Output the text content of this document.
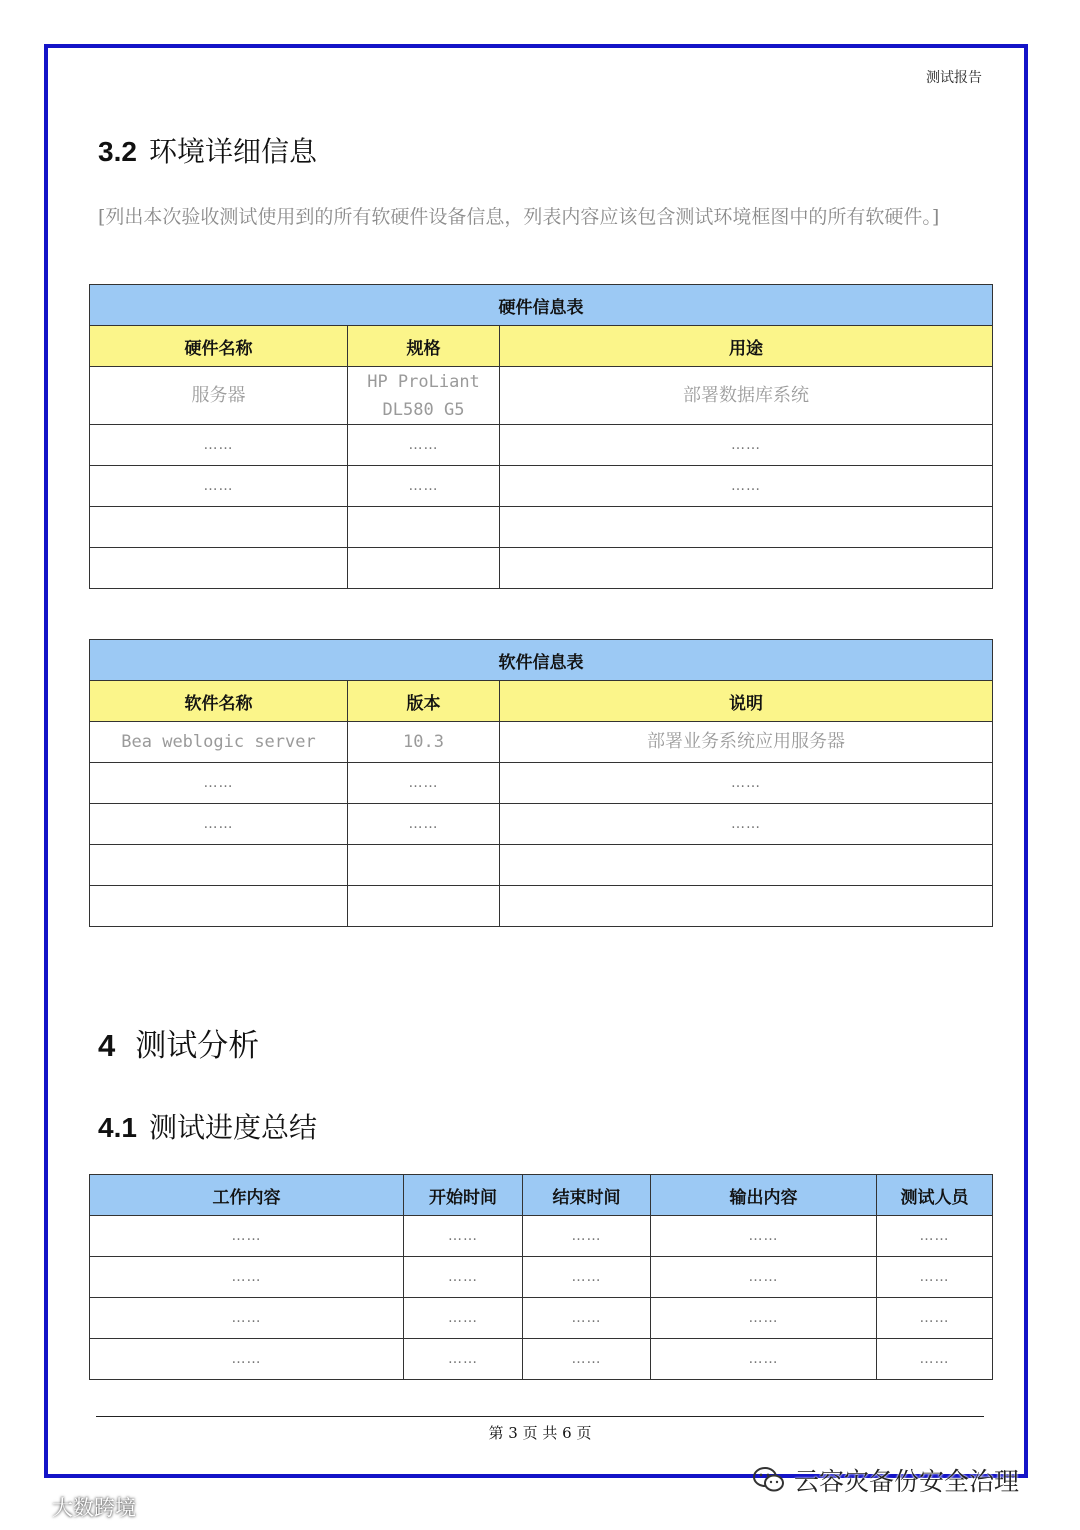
测试报告
3.2 环境详细信息

[列出本次验收测试使用到的所有软硬件设备信息，列表内容应该包含测试环境框图中的所有软硬件。]

硬件信息表		
硬件名称	规格	用途
服务器	HP ProLiant DL580 G5	部署数据库系统
……	……	……
……	……	……

软件信息表		
软件名称	版本	说明
Bea weblogic server	10.3	部署业务系统应用服务器
……	……	……
……	……	……

4 测试分析
4.1 测试进度总结
工作内容	开始时间	结束时间	输出内容	测试人员
……	……	……	……	……
……	……	……	……	……
……	……	……	……	……
……	……	……	……	……
第 3 页 共 6 页
云容灾备份安全治理
大数跨境
